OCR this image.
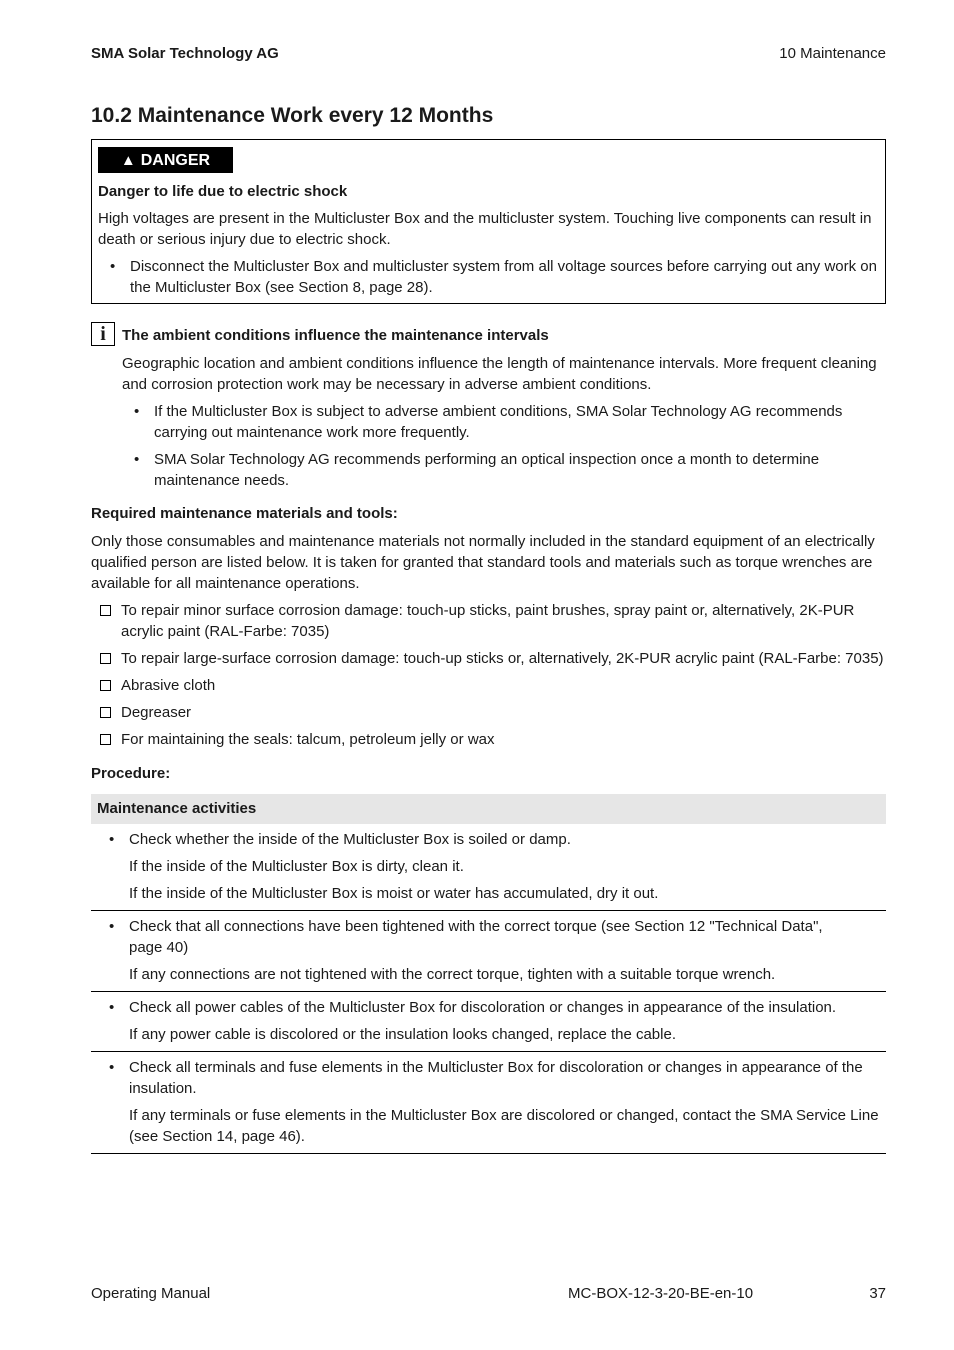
SMA Solar Technology AG	10 Maintenance
10.2 Maintenance Work every 12 Months
▲ DANGER
Danger to life due to electric shock
High voltages are present in the Multicluster Box and the multicluster system. Touching live components can result in death or serious injury due to electric shock.
• Disconnect the Multicluster Box and multicluster system from all voltage sources before carrying out any work on the Multicluster Box (see Section 8, page 28).
i	The ambient conditions influence the maintenance intervals
Geographic location and ambient conditions influence the length of maintenance intervals. More frequent cleaning and corrosion protection work may be necessary in adverse ambient conditions.
• If the Multicluster Box is subject to adverse ambient conditions, SMA Solar Technology AG recommends carrying out maintenance work more frequently.
• SMA Solar Technology AG recommends performing an optical inspection once a month to determine maintenance needs.
Required maintenance materials and tools:
Only those consumables and maintenance materials not normally included in the standard equipment of an electrically qualified person are listed below. It is taken for granted that standard tools and materials such as torque wrenches are available for all maintenance operations.
To repair minor surface corrosion damage: touch-up sticks, paint brushes, spray paint or, alternatively, 2K-PUR acrylic paint (RAL-Farbe: 7035)
To repair large-surface corrosion damage: touch-up sticks or, alternatively, 2K-PUR acrylic paint (RAL-Farbe: 7035)
Abrasive cloth
Degreaser
For maintaining the seals: talcum, petroleum jelly or wax
Procedure:
Maintenance activities
• Check whether the inside of the Multicluster Box is soiled or damp.
If the inside of the Multicluster Box is dirty, clean it.
If the inside of the Multicluster Box is moist or water has accumulated, dry it out.
• Check that all connections have been tightened with the correct torque (see Section 12 "Technical Data", page 40)
If any connections are not tightened with the correct torque, tighten with a suitable torque wrench.
• Check all power cables of the Multicluster Box for discoloration or changes in appearance of the insulation.
If any power cable is discolored or the insulation looks changed, replace the cable.
• Check all terminals and fuse elements in the Multicluster Box for discoloration or changes in appearance of the insulation.
If any terminals or fuse elements in the Multicluster Box are discolored or changed, contact the SMA Service Line (see Section 14, page 46).
Operating Manual	MC-BOX-12-3-20-BE-en-10	37
